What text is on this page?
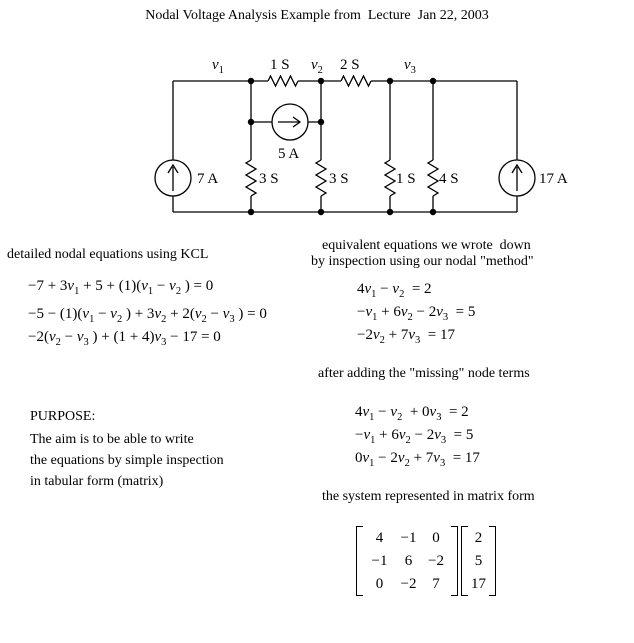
Nodal Voltage Analysis Example from  Lecture  Jan 22, 2003
$v_1$	1 S $v_2$ 2 S	$v_3$
5 A
7 A	3 S	3 S	1 S 4 S	17 A
detailed nodal equations using KCL
$-7 + 3v_1 + 5 + (1)(v_1 - v_2$ ) = 0
$-5 - (1)(v_1 - v_2$ ) + $3v_2 + 2(v_2 - v_3$ ) = 0
$-2(v_2 - v_3$ ) + $(1 + 4)v_3 - 17 = 0$
equivalent equations we wrote  down
by inspection using our nodal "method"
$4v_1 - v_2 = 2$
$-v_1 + 6v_2 - 2v_3 = 5$
$-2v_2 + 7v_3 = 17$
after adding the "missing" node terms
$4v_1 - v_2 + 0v_3 = 2$
$-v_1 + 6v_2 - 2v_3 = 5$
$0v_1 - 2v_2 + 7v_3 = 17$
PURPOSE:
The aim is to be able to write
the equations by simple inspection
in tabular form (matrix)
the system represented in matrix form
4	−1	0
−1	6	−2
0	−2	7
2
5
17
